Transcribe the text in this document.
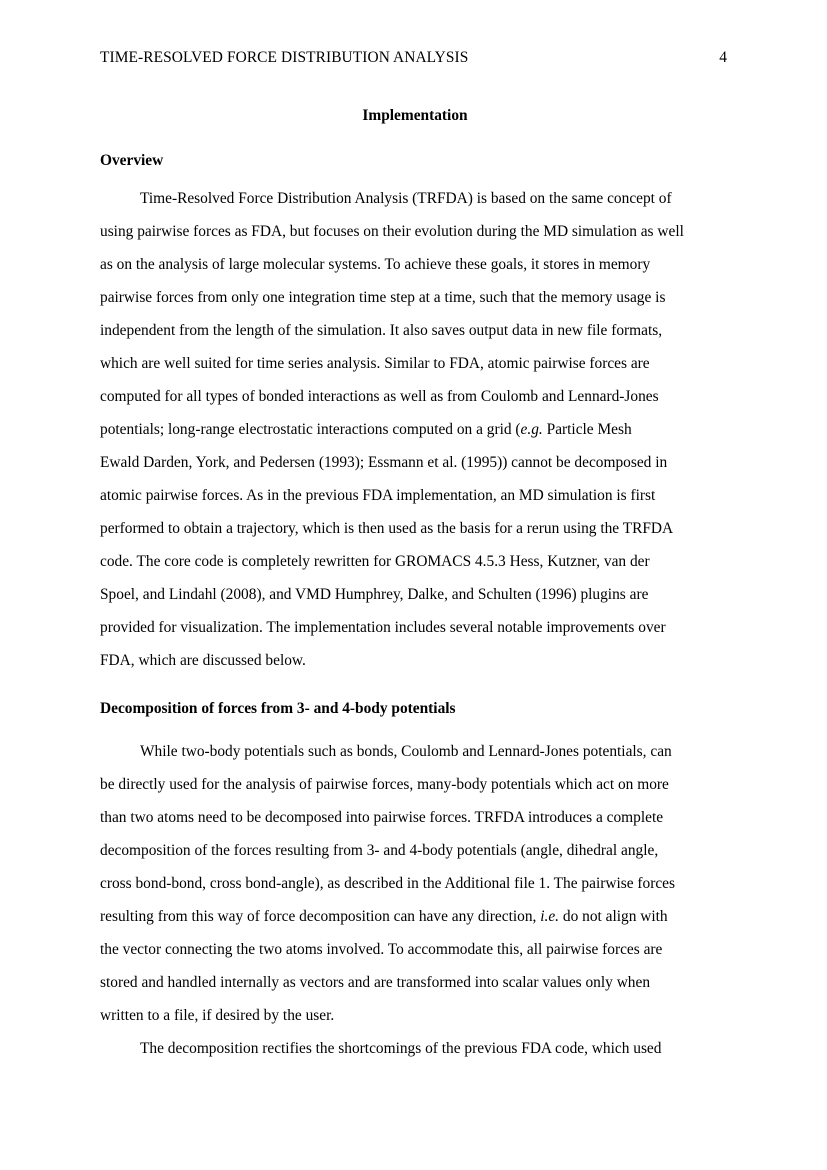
TIME-RESOLVED FORCE DISTRIBUTION ANALYSIS	4
Implementation
Overview
Time-Resolved Force Distribution Analysis (TRFDA) is based on the same concept of
using pairwise forces as FDA, but focuses on their evolution during the MD simulation as well
as on the analysis of large molecular systems. To achieve these goals, it stores in memory
pairwise forces from only one integration time step at a time, such that the memory usage is
independent from the length of the simulation. It also saves output data in new file formats,
which are well suited for time series analysis. Similar to FDA, atomic pairwise forces are
computed for all types of bonded interactions as well as from Coulomb and Lennard-Jones
potentials; long-range electrostatic interactions computed on a grid (e.g. Particle Mesh
Ewald Darden, York, and Pedersen (1993); Essmann et al. (1995)) cannot be decomposed in
atomic pairwise forces. As in the previous FDA implementation, an MD simulation is first
performed to obtain a trajectory, which is then used as the basis for a rerun using the TRFDA
code. The core code is completely rewritten for GROMACS 4.5.3 Hess, Kutzner, van der
Spoel, and Lindahl (2008), and VMD Humphrey, Dalke, and Schulten (1996) plugins are
provided for visualization. The implementation includes several notable improvements over
FDA, which are discussed below.
Decomposition of forces from 3- and 4-body potentials
While two-body potentials such as bonds, Coulomb and Lennard-Jones potentials, can
be directly used for the analysis of pairwise forces, many-body potentials which act on more
than two atoms need to be decomposed into pairwise forces. TRFDA introduces a complete
decomposition of the forces resulting from 3- and 4-body potentials (angle, dihedral angle,
cross bond-bond, cross bond-angle), as described in the Additional file 1. The pairwise forces
resulting from this way of force decomposition can have any direction, i.e. do not align with
the vector connecting the two atoms involved. To accommodate this, all pairwise forces are
stored and handled internally as vectors and are transformed into scalar values only when
written to a file, if desired by the user.
The decomposition rectifies the shortcomings of the previous FDA code, which used
